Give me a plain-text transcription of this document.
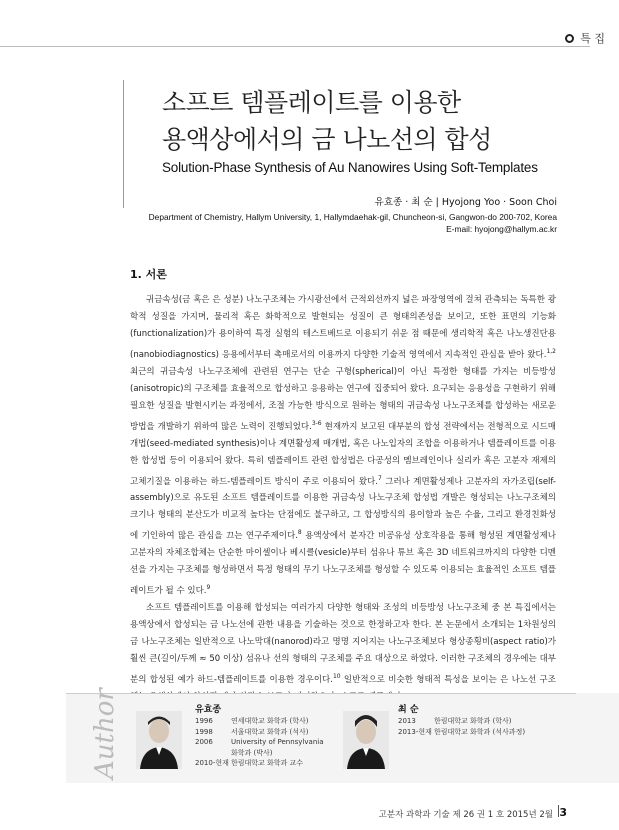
특 집
소프트 템플레이트를 이용한
용액상에서의 금 나노선의 합성
Solution-Phase Synthesis of Au Nanowires Using Soft-Templates
유효종 · 최 순 | Hyojong Yoo · Soon Choi
Department of Chemistry, Hallym University, 1, Hallymdaehak-gil, Chuncheon-si, Gangwon-do 200-702, Korea
E-mail: hyojong@hallym.ac.kr
1. 서론

귀금속성(금 혹은 은 성분) 나노구조체는 가시광선에서 근적외선까지 넓은 파장영역에 걸쳐 관측되는 독특한 광학적 성질을 가지며, 물리적 혹은 화학적으로 발현되는 성질이 큰 형태의존성을 보이고, 또한 표면의 기능화(functionalization)가 용이하여 특정 실험의 테스트베드로 이용되기 쉬운 점 때문에 생리학적 혹은 나노생진단용(nanobiodiagnostics) 응용에서부터 촉매로서의 이용까지 다양한 기술적 영역에서 지속적인 관심을 받아 왔다.$^{1,2}$ 최근의 귀금속성 나노구조체에 관련된 연구는 단순 구형(spherical)이 아닌 특정한 형태를 가지는 비등방성(anisotropic)의 구조체를 효율적으로 합성하고 응용하는 연구에 집중되어 왔다. 요구되는 응용성을 구현하기 위해 필요한 성질을 발현시키는 과정에서, 조절 가능한 방식으로 원하는 형태의 귀금속성 나노구조체를 합성하는 새로운 방법을 개발하기 위하여 많은 노력이 진행되었다.$^{3-6}$ 현재까지 보고된 대부분의 합성 전략에서는 전형적으로 시드매개법(seed-mediated synthesis)이나 계면활성제 매개법, 혹은 나노입자의 조합을 이용하거나 템플레이트를 이용한 합성법 등이 이용되어 왔다. 특히 템플레이트 관련 합성법은 다공성의 멤브레인이나 실리카 혹은 고분자 재제의 고체기질을 이용하는 하드-템플레이트 방식이 주로 이용되어 왔다.$^7$ 그러나 계면활성제나 고분자의 자가조립(self-assembly)으로 유도된 소프트 템플레이트를 이용한 귀금속성 나노구조체 합성법 개발은 형성되는 나노구조체의 크기나 형태의 분산도가 비교적 높다는 단점에도 불구하고, 그 합성방식의 용이함과 높은 수율, 그리고 환경친화성에 기인하여 많은 관심을 끄는 연구주제이다.$^8$ 용액상에서 분자간 비공유성 상호작용을 통해 형성된 계면활성제나 고분자의 자체조합체는 단순한 마이셀이나 베시클(vesicle)부터 섬유나 튜브 혹은 3D 네트워크까지의 다양한 디멘션을 가지는 구조체를 형성하면서 특정 형태의 무기 나노구조체를 형성할 수 있도록 이용되는 효율적인 소프트 템플레이트가 될 수 있다.$^9$

소프트 템플레이트를 이용해 합성되는 여러가지 다양한 형태와 조성의 비등방성 나노구조체 중 본 특집에서는 용액상에서 합성되는 금 나노선에 관한 내용을 기술하는 것으로 한정하고자 한다. 본 논문에서 소개되는 1차원성의 금 나노구조체는 일반적으로 나노막대(nanorod)라고 명명 지어지는 나노구조체보다 형상종횡비(aspect ratio)가 훨씬 큰(길이/두께 ≈ 50 이상) 섬유나 선의 형태의 구조체를 주요 대상으로 하였다. 이러한 구조체의 경우에는 대부분의 합성된 예가 하드-템플레이트를 이용한 경우이다.$^{10}$ 일반적으로 비슷한 형태적 특성을 보이는 은 나노선 구조

Author	유효종
1996	연세대학교 화학과 (학사)
1998	서울대학교 화학과 (석사)
2006	University of Pennsylvania 화학과 (박사)
2010-현재 한림대학교 화학과 교수
최 순
2013	한림대학교 화학과 (학사)
2013-현재 한림대학교 화학과 (석사과정)
고분자 과학과 기술 제 26 권 1 호 2015년 2월 3
